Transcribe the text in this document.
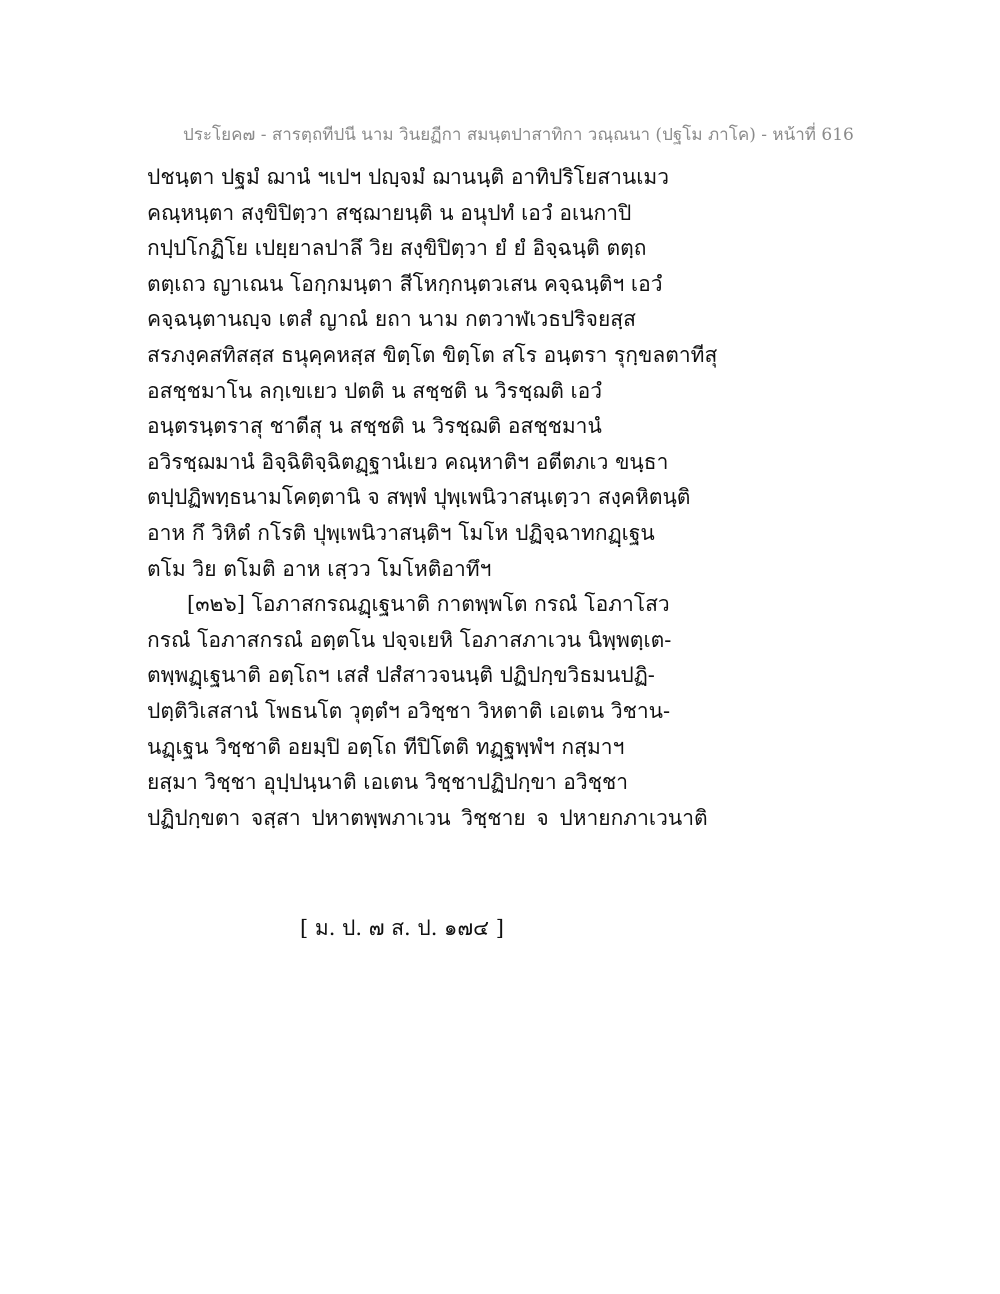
ประโยค๗ - สารตฺถทีปนี นาม วินยฏีกา สมนฺตปาสาทิกา วณฺณนา (ปฐโม ภาโค) - หน้าที่ 616
ปชนฺตา ปฐมํ ฌานํ ฯเปฯ ปญฺจมํ ฌานนฺติ อาทิปริโยสานเมว
คณฺหนฺตา สงฺขิปิตฺวา สชฺฌายนฺติ น อนุปทํ เอวํ อเนกาปิ
กปฺปโกฏิโย เปยฺยาลปาลึ วิย สงฺขิปิตฺวา ยํ ยํ อิจฺฉนฺติ ตตฺถ
ตตฺเถว ญาเณน โอกฺกมนฺตา สีโหกฺกนฺตวเสน คจฺฉนฺติฯ เอวํ
คจฺฉนฺตานญฺจ เตสํ ญาณํ ยถา นาม กตวาฬเวธปริจยสฺส
สรภงฺคสทิสสฺส ธนุคฺคหสฺส ขิตฺโต ขิตฺโต สโร อนฺตรา รุกฺขลตาทีสุ
อสชฺชมาโน ลกฺเขเยว ปตติ น สชฺชติ น วิรชฺฌติ เอวํ
อนฺตรนฺตราสุ ชาตีสุ น สชฺชติ น วิรชฺฌติ อสชฺชมานํ
อวิรชฺฌมานํ อิจฺฉิติจฺฉิตฏฺฐานํเยว คณฺหาติฯ อตีตภเว ขนฺธา
ตปฺปฏิพทฺธนามโคตฺตานิ จ สพฺพํ ปุพฺเพนิวาสนฺเตฺวา สงฺคหิตนฺติ
อาห กึ วิหิตํ กโรติ ปุพฺเพนิวาสนฺติฯ โมโห ปฏิจฺฉาทกฏฺเฐน
ตโม วิย ตโมติ อาห เสฺวว โมโหติอาทึฯ
[๓๒๖] โอภาสกรณฏฺเฐนาติ กาตพฺพโต กรณํ โอภาโสว
กรณํ โอภาสกรณํ อตฺตโน ปจฺจเยหิ โอภาสภาเวน นิพฺพตฺเต-
ตพฺพฏฺเฐนาติ อตฺโถฯ เสสํ ปสํสาวจนนฺติ ปฏิปกฺขวิธมนปฏิ-
ปตฺติวิเสสานํ โพธนโต วุตฺตํฯ อวิชฺชา วิหตาติ เอเตน วิชาน-
นฏฺเฐน วิชฺชาติ อยมฺปิ อตฺโถ ทีปิโตติ ทฏฺฐพฺพํฯ กสฺมาฯ
ยสฺมา วิชฺชา อุปฺปนฺนาติ เอเตน วิชฺชาปฏิปกฺขา อวิชฺชา
ปฏิปกฺขตา จสฺสา ปหาตพฺพภาเวน วิชฺชาย จ ปหายกภาเวนาติ
[ ม. ป. ๗ ส. ป. ๑๗๔ ]
